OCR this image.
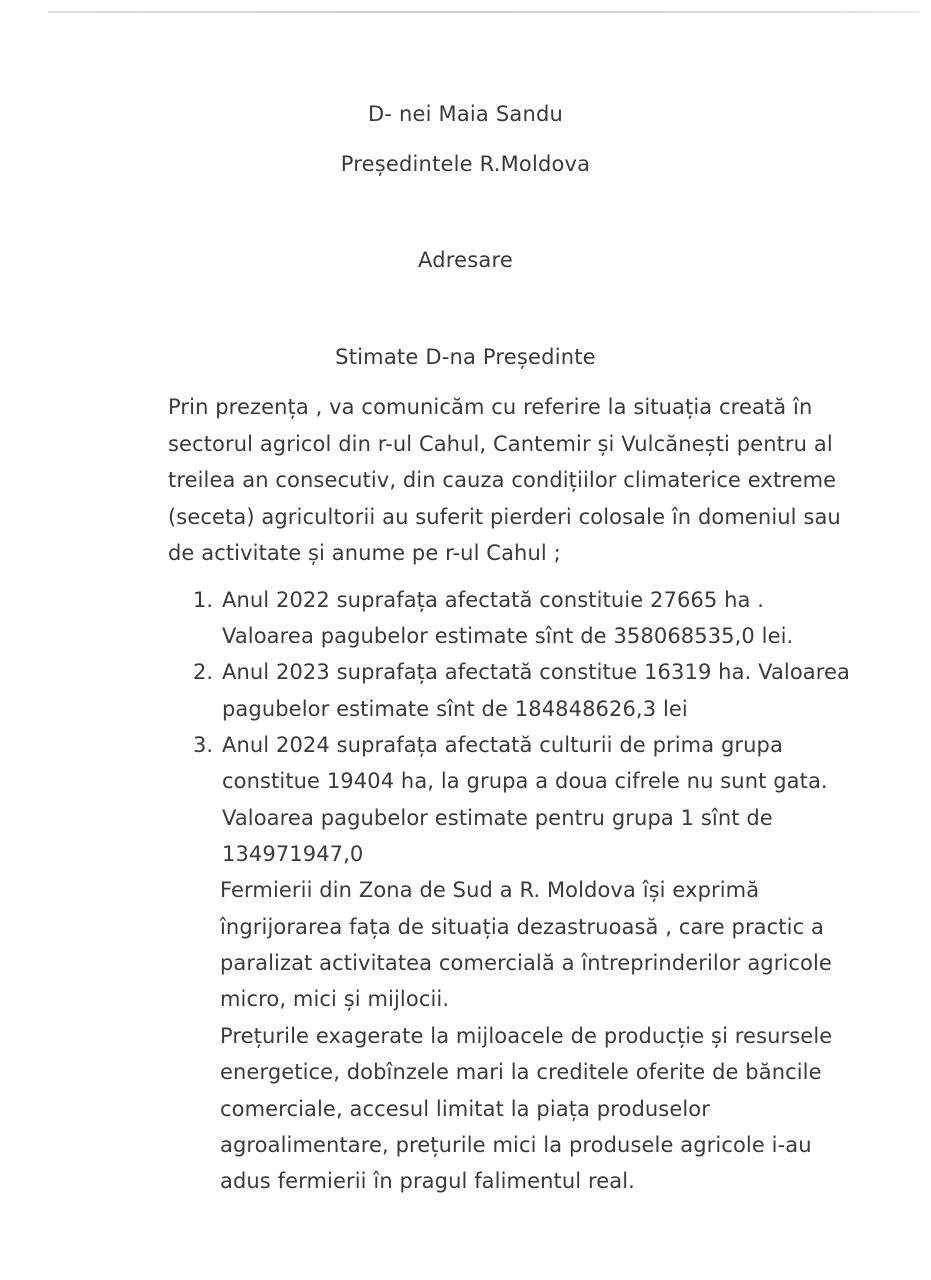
D- nei Maia Sandu
Președintele R.Moldova
Adresare
Stimate D-na Președinte
Prin prezența , va comunicăm cu referire la situația creată în
sectorul agricol din r-ul Cahul, Cantemir și Vulcănești pentru al
treilea an consecutiv, din cauza condițiilor climaterice extreme
(seceta) agricultorii au suferit pierderi colosale în domeniul sau
de activitate și anume pe r-ul Cahul ;
1. Anul 2022 suprafața afectată constituie 27665 ha .
Valoarea pagubelor estimate sînt de 358068535,0 lei.
2. Anul 2023 suprafața afectată constitue 16319 ha. Valoarea
pagubelor estimate sînt de 184848626,3 lei
3. Anul 2024 suprafața afectată culturii de prima grupa
constitue 19404 ha, la grupa a doua cifrele nu sunt gata.
Valoarea pagubelor estimate pentru grupa 1 sînt de
134971947,0
Fermierii din Zona de Sud a R. Moldova își exprimă
îngrijorarea fața de situația dezastruoasă , care practic a
paralizat activitatea comercială a întreprinderilor agricole
micro, mici și mijlocii.
Prețurile exagerate la mijloacele de producție și resursele
energetice, dobînzele mari la creditele oferite de băncile
comerciale, accesul limitat la piața produselor
agroalimentare, prețurile mici la produsele agricole i-au
adus fermierii în pragul falimentul real.
